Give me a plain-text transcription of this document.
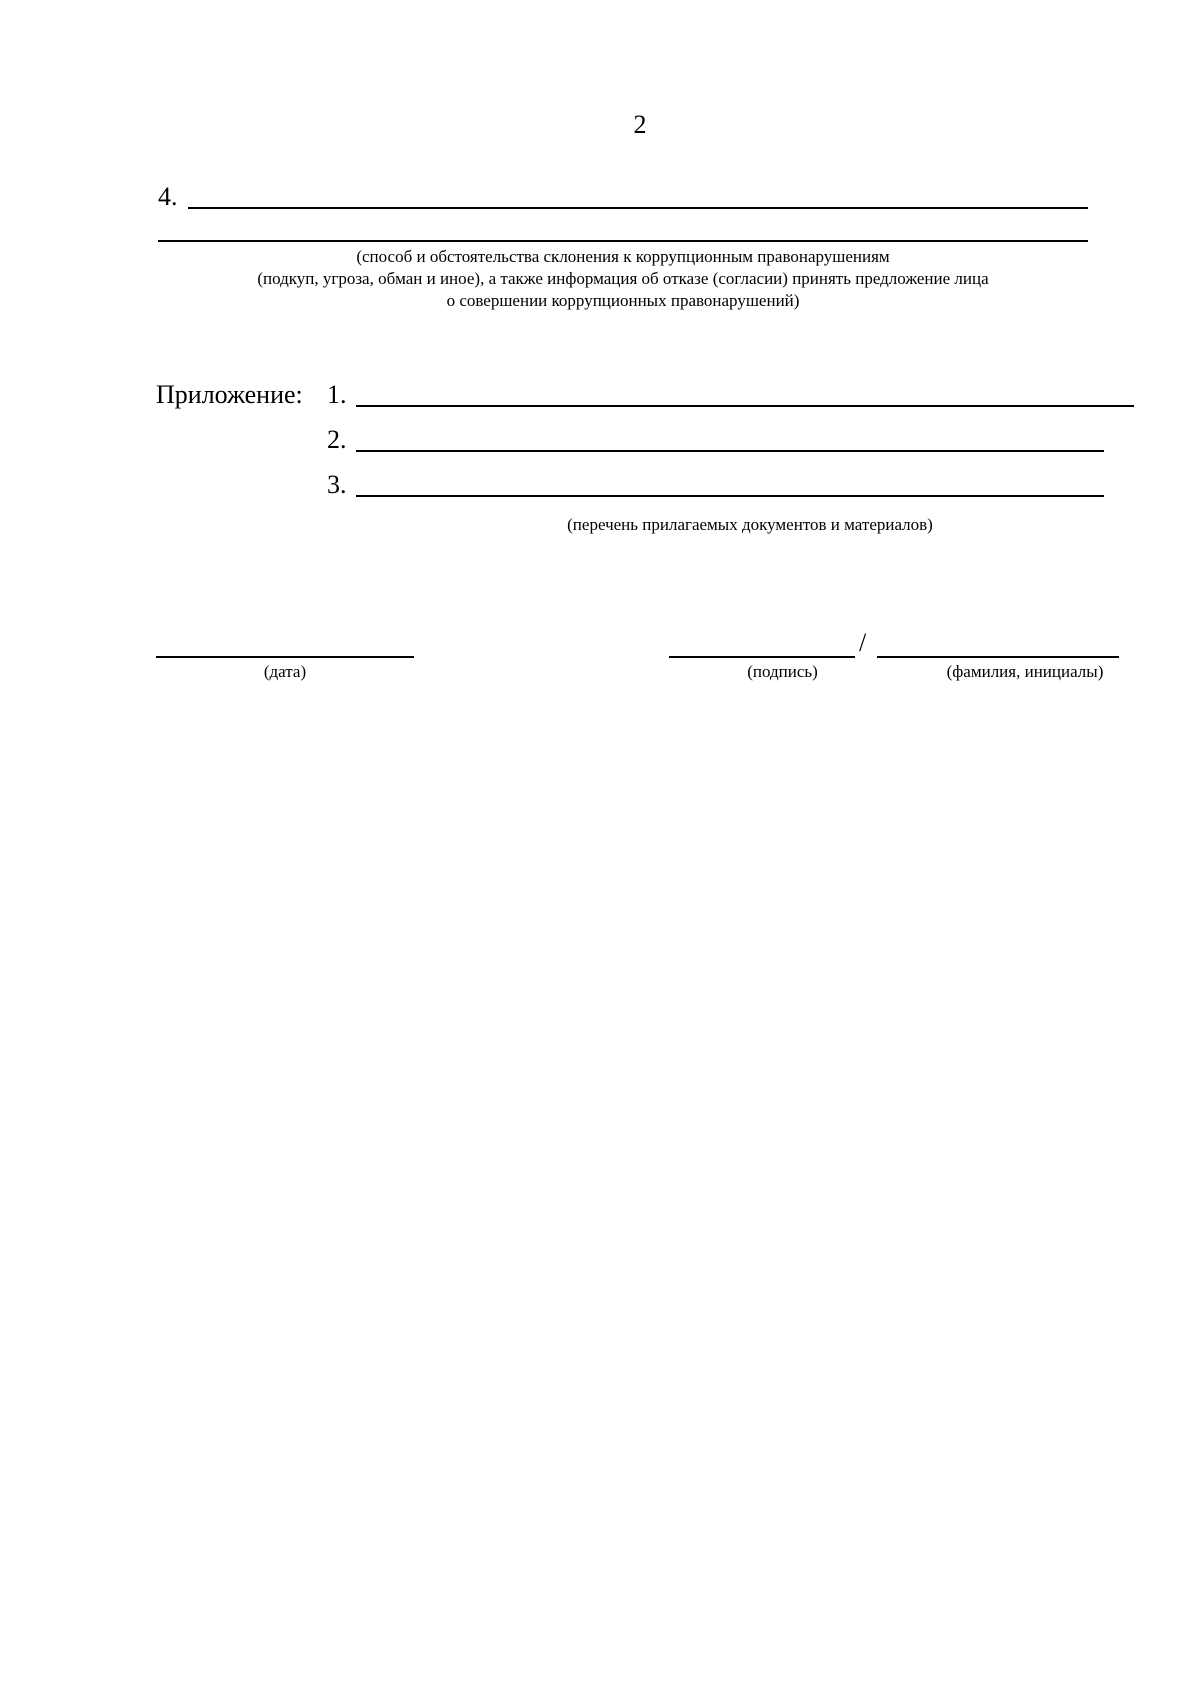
2
4.
(способ и обстоятельства склонения к коррупционным правонарушениям
(подкуп, угроза, обман и иное), а также информация об отказе (согласии) принять предложение лица
о совершении коррупционных правонарушений)
Приложение: 1.
2.
3.
(перечень прилагаемых документов и материалов)
(дата)
/
(подпись)	(фамилия, инициалы)
